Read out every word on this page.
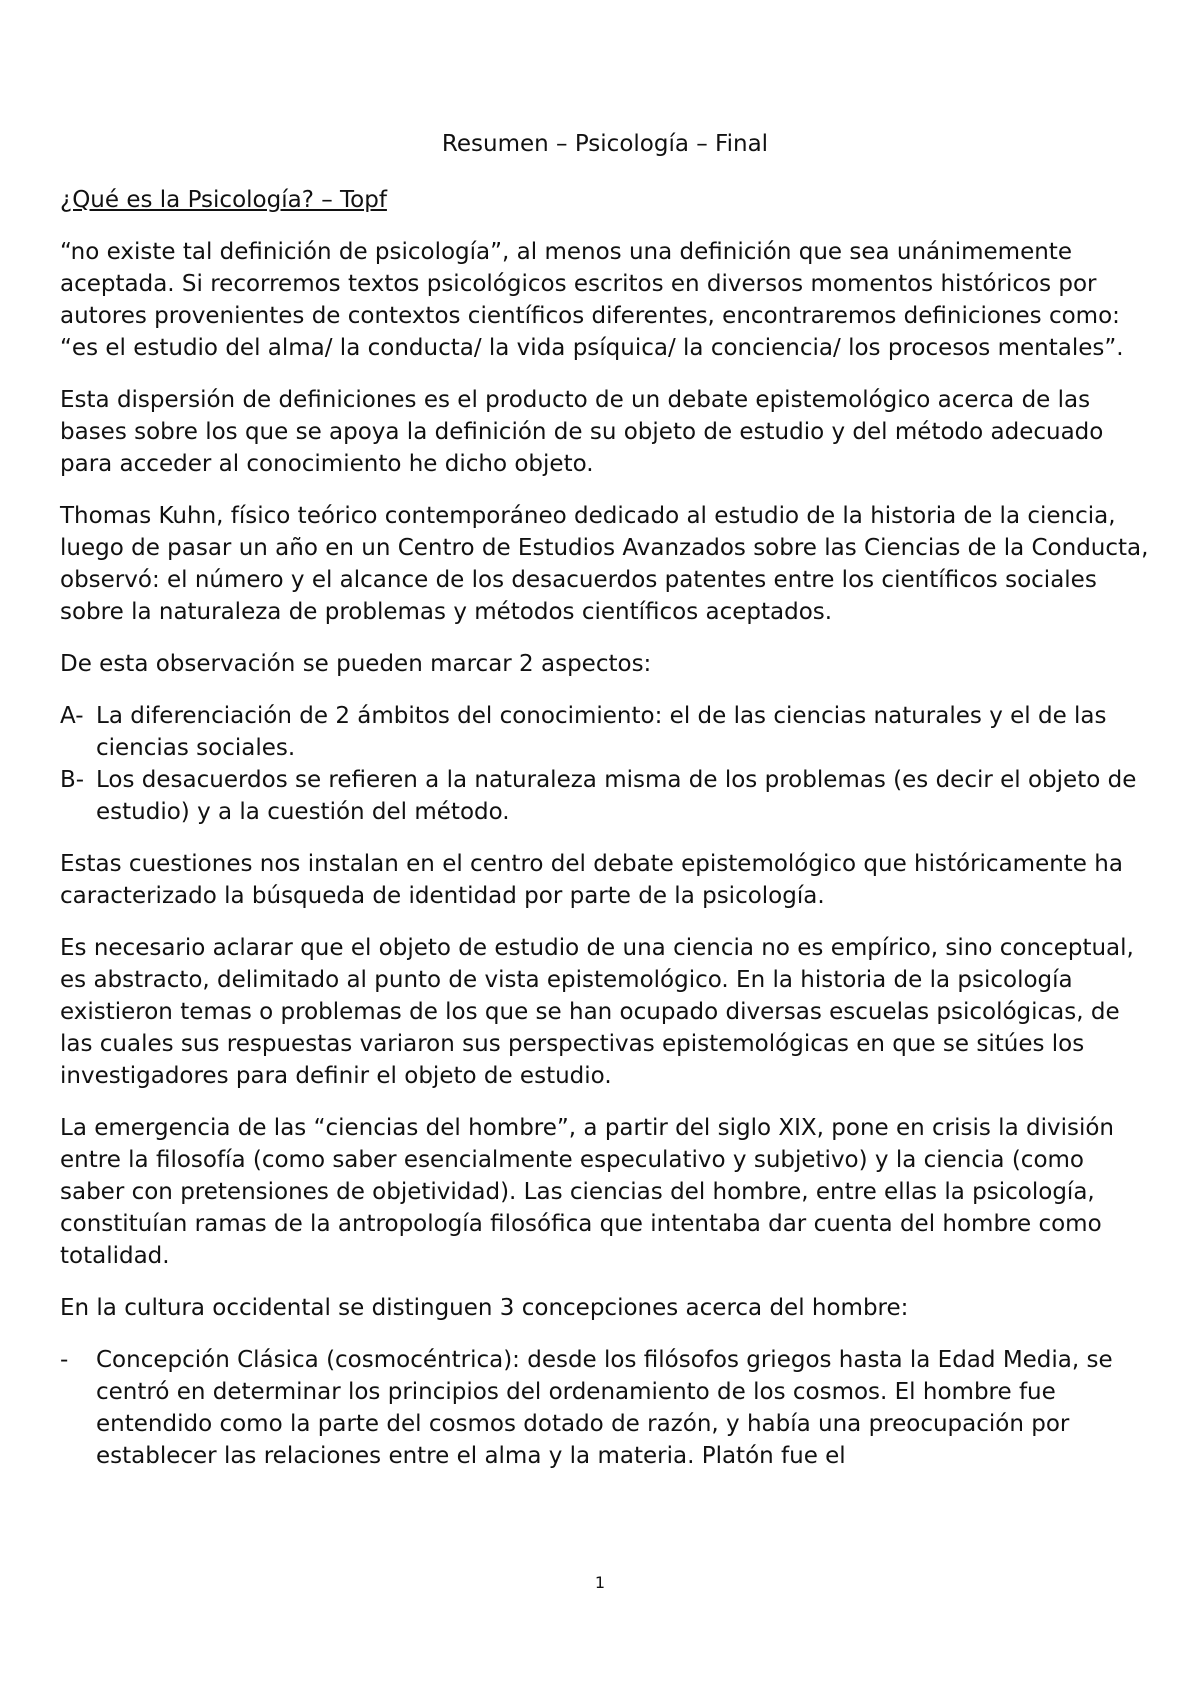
Resumen – Psicología – Final
¿Qué es la Psicología? – Topf

“no existe tal definición de psicología”, al menos una definición que sea unánimemente aceptada. Si recorremos textos psicológicos escritos en diversos momentos históricos por autores provenientes de contextos científicos diferentes, encontraremos definiciones como: “es el estudio del alma/ la conducta/ la vida psíquica/ la conciencia/ los procesos mentales”.

Esta dispersión de definiciones es el producto de un debate epistemológico acerca de las bases sobre los que se apoya la definición de su objeto de estudio y del método adecuado para acceder al conocimiento he dicho objeto.

Thomas Kuhn, físico teórico contemporáneo dedicado al estudio de la historia de la ciencia, luego de pasar un año en un Centro de Estudios Avanzados sobre las Ciencias de la Conducta, observó: el número y el alcance de los desacuerdos patentes entre los científicos sociales sobre la naturaleza de problemas y métodos científicos aceptados.

De esta observación se pueden marcar 2 aspectos:

A- La diferenciación de 2 ámbitos del conocimiento: el de las ciencias naturales y el de las ciencias sociales.
B- Los desacuerdos se refieren a la naturaleza misma de los problemas (es decir el objeto de estudio) y a la cuestión del método.

Estas cuestiones nos instalan en el centro del debate epistemológico que históricamente ha caracterizado la búsqueda de identidad por parte de la psicología.

Es necesario aclarar que el objeto de estudio de una ciencia no es empírico, sino conceptual, es abstracto, delimitado al punto de vista epistemológico. En la historia de la psicología existieron temas o problemas de los que se han ocupado diversas escuelas psicológicas, de las cuales sus respuestas variaron sus perspectivas epistemológicas en que se sitúes los investigadores para definir el objeto de estudio.

La emergencia de las “ciencias del hombre”, a partir del siglo XIX, pone en crisis la división entre la filosofía (como saber esencialmente especulativo y subjetivo) y la ciencia (como saber con pretensiones de objetividad). Las ciencias del hombre, entre ellas la psicología, constituían ramas de la antropología filosófica que intentaba dar cuenta del hombre como totalidad.

En la cultura occidental se distinguen 3 concepciones acerca del hombre:

-	Concepción Clásica (cosmocéntrica): desde los filósofos griegos hasta la Edad Media, se centró en determinar los principios del ordenamiento de los cosmos. El hombre fue entendido como la parte del cosmos dotado de razón, y había una preocupación por establecer las relaciones entre el alma y la materia. Platón fue el
1
